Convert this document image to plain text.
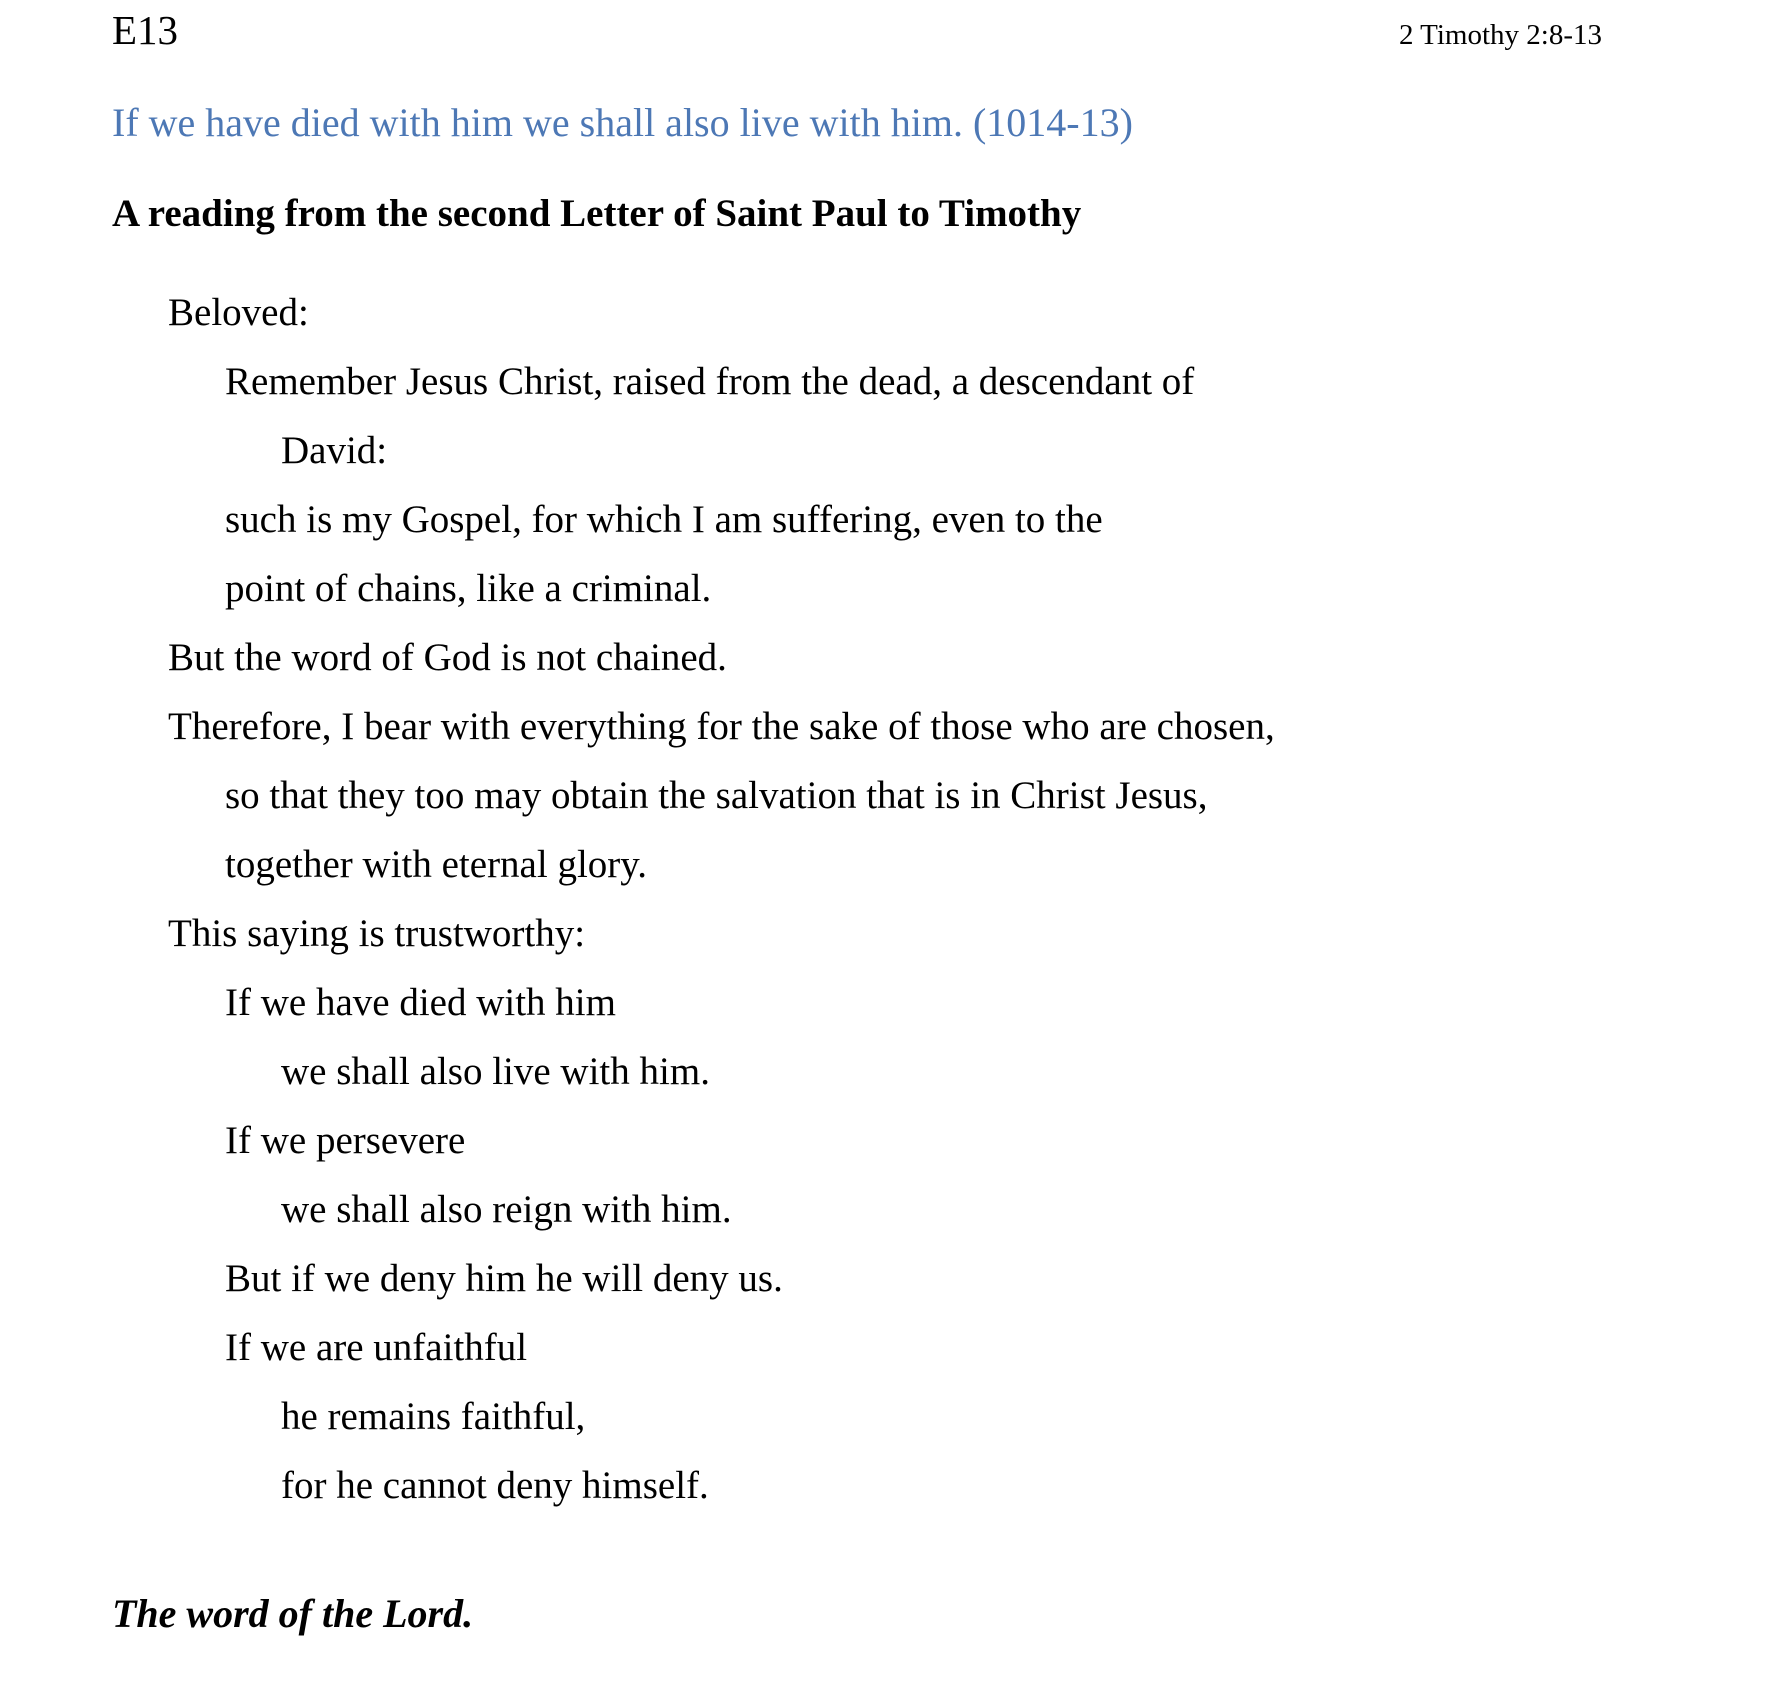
E13	2 Timothy 2:8-13
If we have died with him we shall also live with him. (1014-13)
A reading from the second Letter of Saint Paul to Timothy
Beloved:
Remember Jesus Christ, raised from the dead, a descendant of
David:
such is my Gospel, for which I am suffering, even to the
point of chains, like a criminal.
But the word of God is not chained.
Therefore, I bear with everything for the sake of those who are chosen,
so that they too may obtain the salvation that is in Christ Jesus,
together with eternal glory.
This saying is trustworthy:
If we have died with him
we shall also live with him.
If we persevere
we shall also reign with him.
But if we deny him he will deny us.
If we are unfaithful
he remains faithful,
for he cannot deny himself.
The word of the Lord.
